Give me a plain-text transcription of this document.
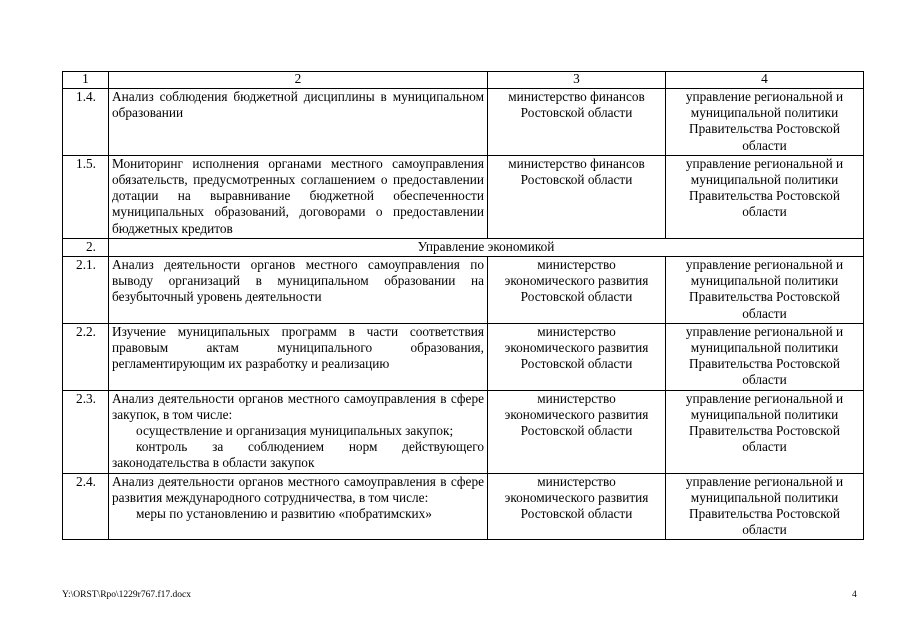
1	2	3	4
1.4.	Анализ соблюдения бюджетной дисциплины в муниципальном образовании	министерство финансов Ростовской области	управление региональной и муниципальной политики Правительства Ростовской области
1.5.	Мониторинг исполнения органами местного самоуправления обязательств, предусмотренных соглашением о предоставлении дотации на выравнивание бюджетной обеспеченности муниципальных образований, договорами о предоставлении бюджетных кредитов	министерство финансов Ростовской области	управление региональной и муниципальной политики Правительства Ростовской области
2.	Управление экономикой		
2.1.	Анализ деятельности органов местного самоуправления по выводу организаций в муниципальном образовании на безубыточный уровень деятельности	министерство экономического развития Ростовской области	управление региональной и муниципальной политики Правительства Ростовской области
2.2.	Изучение муниципальных программ в части соответствия правовым актам муниципального образования, регламентирующим их разработку и реализацию	министерство экономического развития Ростовской области	управление региональной и муниципальной политики Правительства Ростовской области
2.3.	Анализ деятельности органов местного самоуправления в сфере закупок, в том числе:

осуществление и организация муниципальных закупок;

контроль за соблюдением норм действующего законодательства в области закупок	министерство экономического развития Ростовской области	управление региональной и муниципальной политики Правительства Ростовской области
2.4.	Анализ деятельности органов местного самоуправления в сфере развития международного сотрудничества, в том числе:

меры по установлению и развитию «побратимских»	министерство экономического развития Ростовской области	управление региональной и муниципальной политики Правительства Ростовской области
Y:\ORST\Rpo\1229r767.f17.docx	4
